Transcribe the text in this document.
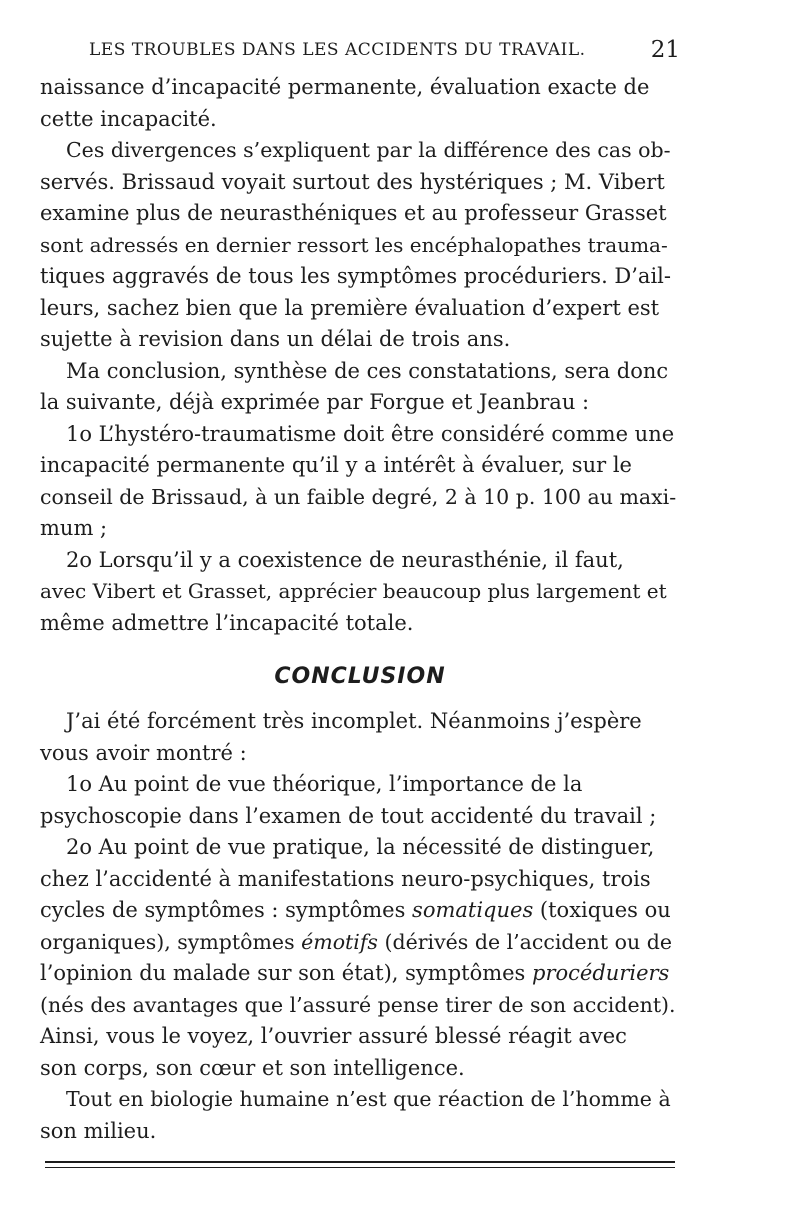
LES TROUBLES DANS LES ACCIDENTS DU TRAVAIL.	21
naissance d’incapacité permanente, évaluation exacte de
cette incapacité.
Ces divergences s’expliquent par la différence des cas ob-
servés. Brissaud voyait surtout des hystériques ; M. Vibert
examine plus de neurasthéniques et au professeur Grasset
sont adressés en dernier ressort les encéphalopathes trauma-
tiques aggravés de tous les symptômes procéduriers. D’ail-
leurs, sachez bien que la première évaluation d’expert est
sujette à revision dans un délai de trois ans.
Ma conclusion, synthèse de ces constatations, sera donc
la suivante, déjà exprimée par Forgue et Jeanbrau :
1o L’hystéro-traumatisme doit être considéré comme une
incapacité permanente qu’il y a intérêt à évaluer, sur le
conseil de Brissaud, à un faible degré, 2 à 10 p. 100 au maxi-
mum ;
2o Lorsqu’il y a coexistence de neurasthénie, il faut,
avec Vibert et Grasset, apprécier beaucoup plus largement et
même admettre l’incapacité totale.
CONCLUSION
J’ai été forcément très incomplet. Néanmoins j’espère
vous avoir montré :
1o Au point de vue théorique, l’importance de la
psychoscopie dans l’examen de tout accidenté du travail ;
2o Au point de vue pratique, la nécessité de distinguer,
chez l’accidenté à manifestations neuro-psychiques, trois
cycles de symptômes : symptômes somatiques (toxiques ou
organiques), symptômes émotifs (dérivés de l’accident ou de
l’opinion du malade sur son état), symptômes procéduriers
(nés des avantages que l’assuré pense tirer de son accident).
Ainsi, vous le voyez, l’ouvrier assuré blessé réagit avec
son corps, son cœur et son intelligence.
Tout en biologie humaine n’est que réaction de l’homme à
son milieu.
